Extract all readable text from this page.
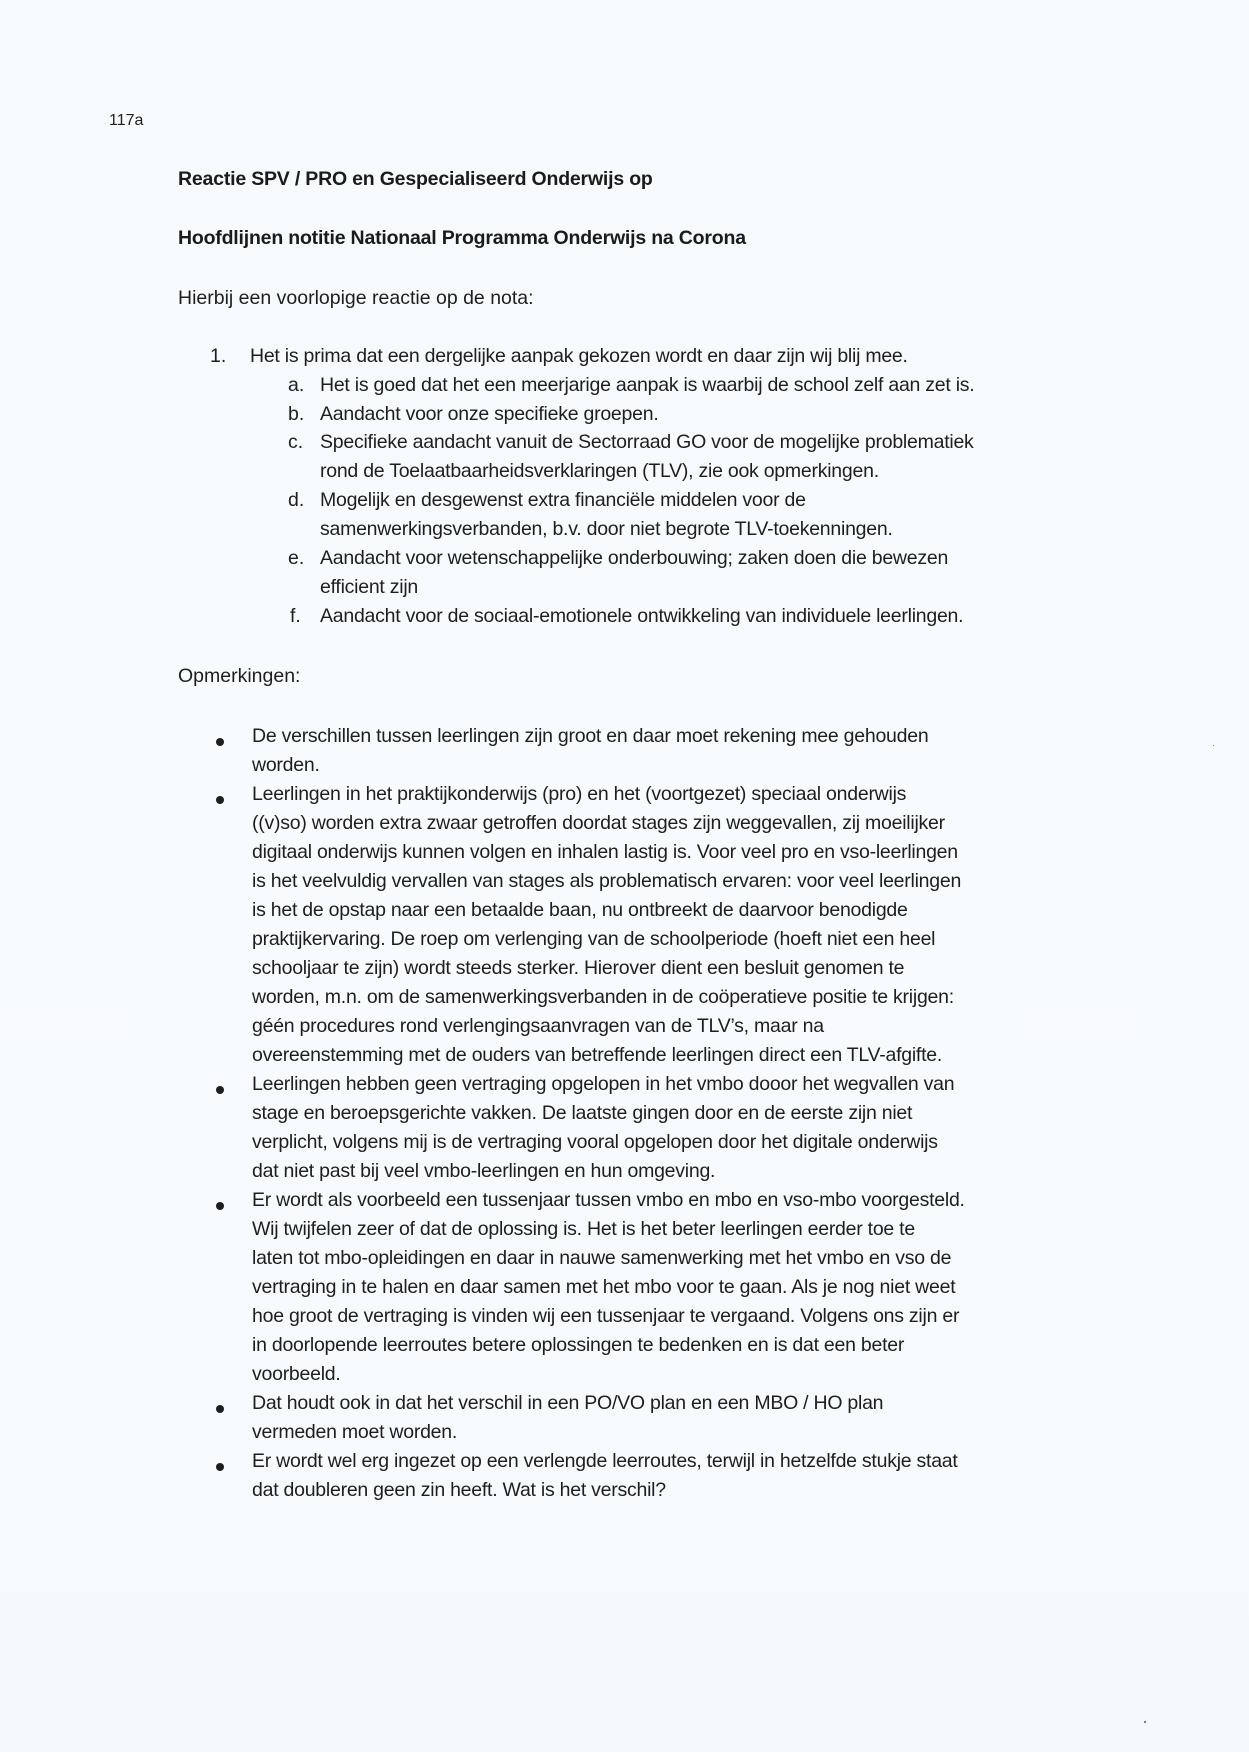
117a
Reactie SPV / PRO en Gespecialiseerd Onderwijs op
Hoofdlijnen notitie Nationaal Programma Onderwijs na Corona
Hierbij een voorlopige reactie op de nota:
1. Het is prima dat een dergelijke aanpak gekozen wordt en daar zijn wij blij mee.
a. Het is goed dat het een meerjarige aanpak is waarbij de school zelf aan zet is.
b. Aandacht voor onze specifieke groepen.
c. Specifieke aandacht vanuit de Sectorraad GO voor de mogelijke problematiek
rond de Toelaatbaarheidsverklaringen (TLV), zie ook opmerkingen.
d. Mogelijk en desgewenst extra financiële middelen voor de
samenwerkingsverbanden, b.v. door niet begrote TLV-toekenningen.
e. Aandacht voor wetenschappelijke onderbouwing; zaken doen die bewezen
efficient zijn
f. Aandacht voor de sociaal-emotionele ontwikkeling van individuele leerlingen.
Opmerkingen:
De verschillen tussen leerlingen zijn groot en daar moet rekening mee gehouden
worden.
Leerlingen in het praktijkonderwijs (pro) en het (voortgezet) speciaal onderwijs
((v)so) worden extra zwaar getroffen doordat stages zijn weggevallen, zij moeilijker
digitaal onderwijs kunnen volgen en inhalen lastig is. Voor veel pro en vso-leerlingen
is het veelvuldig vervallen van stages als problematisch ervaren: voor veel leerlingen
is het de opstap naar een betaalde baan, nu ontbreekt de daarvoor benodigde
praktijkervaring. De roep om verlenging van de schoolperiode (hoeft niet een heel
schooljaar te zijn) wordt steeds sterker. Hierover dient een besluit genomen te
worden, m.n. om de samenwerkingsverbanden in de coöperatieve positie te krijgen:
géén procedures rond verlengingsaanvragen van de TLV’s, maar na
overeenstemming met de ouders van betreffende leerlingen direct een TLV-afgifte.
Leerlingen hebben geen vertraging opgelopen in het vmbo dooor het wegvallen van
stage en beroepsgerichte vakken. De laatste gingen door en de eerste zijn niet
verplicht, volgens mij is de vertraging vooral opgelopen door het digitale onderwijs
dat niet past bij veel vmbo-leerlingen en hun omgeving.
Er wordt als voorbeeld een tussenjaar tussen vmbo en mbo en vso-mbo voorgesteld.
Wij twijfelen zeer of dat de oplossing is. Het is het beter leerlingen eerder toe te
laten tot mbo-opleidingen en daar in nauwe samenwerking met het vmbo en vso de
vertraging in te halen en daar samen met het mbo voor te gaan. Als je nog niet weet
hoe groot de vertraging is vinden wij een tussenjaar te vergaand. Volgens ons zijn er
in doorlopende leerroutes betere oplossingen te bedenken en is dat een beter
voorbeeld.
Dat houdt ook in dat het verschil in een PO/VO plan en een MBO / HO plan
vermeden moet worden.
Er wordt wel erg ingezet op een verlengde leerroutes, terwijl in hetzelfde stukje staat
dat doubleren geen zin heeft. Wat is het verschil?
